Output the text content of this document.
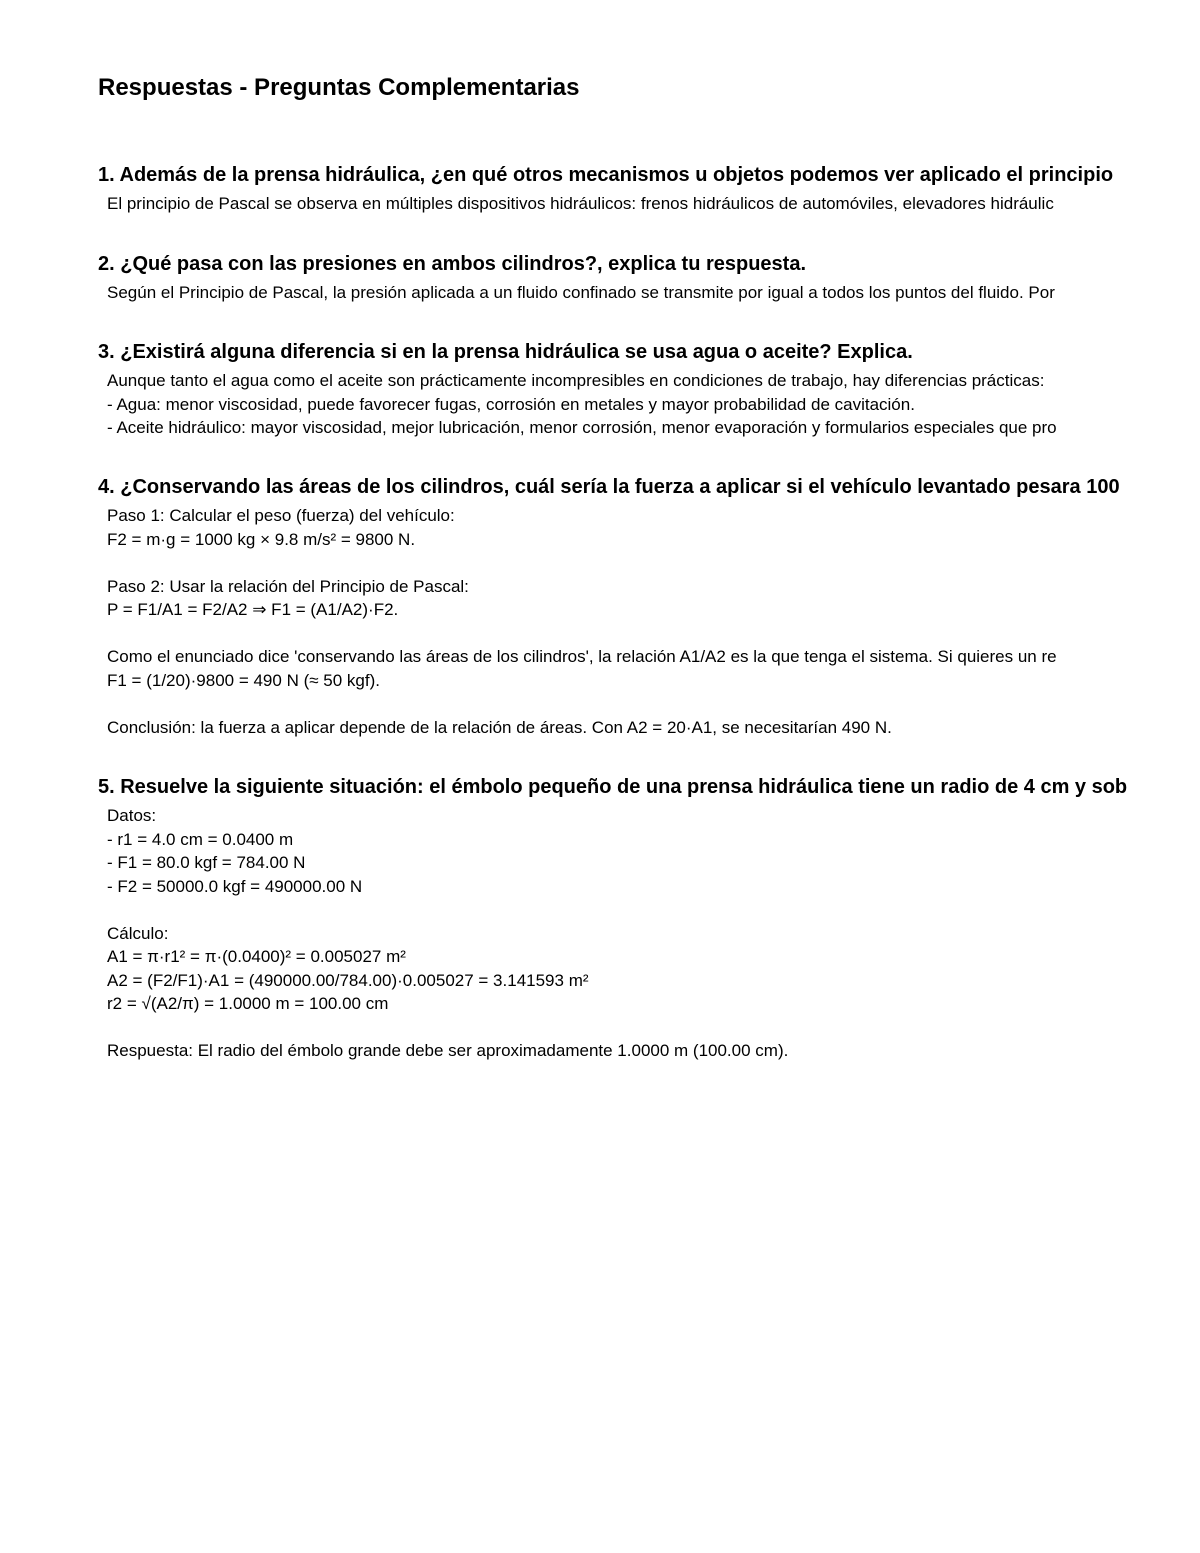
Respuestas - Preguntas Complementarias
1. Además de la prensa hidráulica, ¿en qué otros mecanismos u objetos podemos ver aplicado el principio
El principio de Pascal se observa en múltiples dispositivos hidráulicos: frenos hidráulicos de automóviles, elevadores hidráulic
2. ¿Qué pasa con las presiones en ambos cilindros?, explica tu respuesta.
Según el Principio de Pascal, la presión aplicada a un fluido confinado se transmite por igual a todos los puntos del fluido. Por
3. ¿Existirá alguna diferencia si en la prensa hidráulica se usa agua o aceite? Explica.
Aunque tanto el agua como el aceite son prácticamente incompresibles en condiciones de trabajo, hay diferencias prácticas:
- Agua: menor viscosidad, puede favorecer fugas, corrosión en metales y mayor probabilidad de cavitación.
- Aceite hidráulico: mayor viscosidad, mejor lubricación, menor corrosión, menor evaporación y formularios especiales que pro
4. ¿Conservando las áreas de los cilindros, cuál sería la fuerza a aplicar si el vehículo levantado pesara 100
Paso 1: Calcular el peso (fuerza) del vehículo:
F2 = m·g = 1000 kg × 9.8 m/s² = 9800 N.
Paso 2: Usar la relación del Principio de Pascal:
P = F1/A1 = F2/A2 ⇒ F1 = (A1/A2)·F2.
Como el enunciado dice 'conservando las áreas de los cilindros', la relación A1/A2 es la que tenga el sistema. Si quieres un re
F1 = (1/20)·9800 = 490 N (≈ 50 kgf).
Conclusión: la fuerza a aplicar depende de la relación de áreas. Con A2 = 20·A1, se necesitarían 490 N.
5. Resuelve la siguiente situación: el émbolo pequeño de una prensa hidráulica tiene un radio de 4 cm y sob
Datos:
- r1 = 4.0 cm = 0.0400 m
- F1 = 80.0 kgf = 784.00 N
- F2 = 50000.0 kgf = 490000.00 N
Cálculo:
A1 = π·r1² = π·(0.0400)² = 0.005027 m²
A2 = (F2/F1)·A1 = (490000.00/784.00)·0.005027 = 3.141593 m²
r2 = √(A2/π) = 1.0000 m = 100.00 cm
Respuesta: El radio del émbolo grande debe ser aproximadamente 1.0000 m (100.00 cm).
